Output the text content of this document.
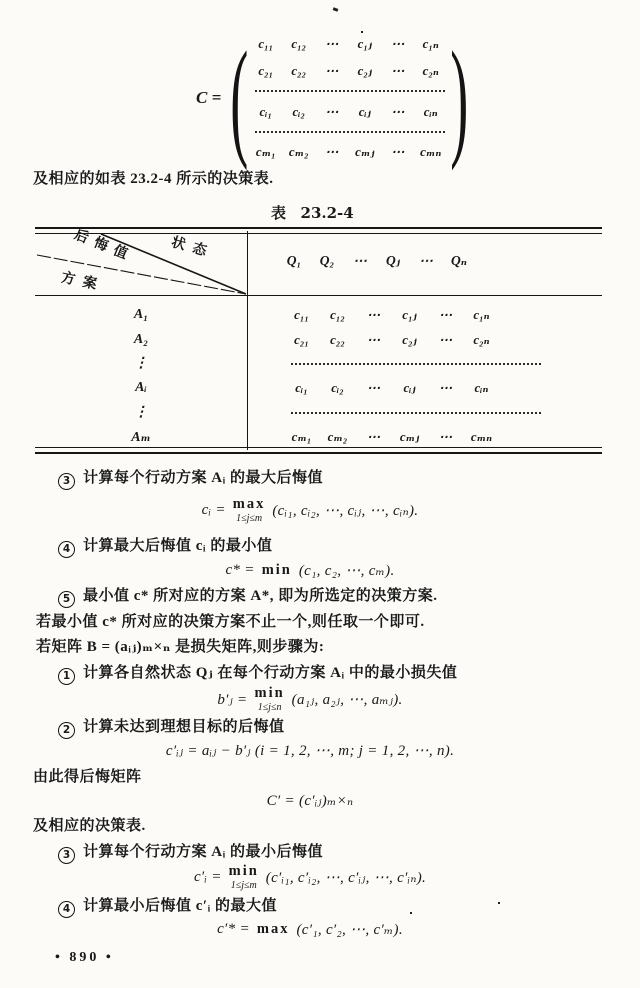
C = ( c₁₁	c₁₂	⋯	c₁ⱼ	⋯	c₁ₙ
c₂₁	c₂₂	⋯	c₂ⱼ	⋯	c₂ₙ
cᵢ₁	cᵢ₂	⋯	cᵢⱼ	⋯	cᵢₙ
cₘ₁ cₘ₂	⋯	cₘⱼ	⋯	cₘₙ )
及相应的如表 23.2-4 所示的决策表.
表 23.2-4
状态
后悔值
方案
Q₁ Q₂	⋯	Qⱼ	⋯	Qₙ
A₁	c₁₁	c₁₂	⋯	c₁ⱼ	⋯	c₁ₙ
A₂	c₂₁	c₂₂	⋯	c₂ⱼ	⋯	c₂ₙ
⋮
Aᵢ	cᵢ₁	cᵢ₂	⋯	cᵢⱼ	⋯	cᵢₙ
⋮
Aₘ	cₘ₁ cₘ₂	⋯	cₘⱼ	⋯	cₘₙ
3 计算每个行动方案 Aᵢ 的最大后悔值
cᵢ = max
1≤j≤m (cᵢ₁, cᵢ₂, ⋯, cᵢⱼ, ⋯, cᵢₙ).
4 计算最大后悔值 cᵢ 的最小值
c* = min (c₁, c₂, ⋯, cₘ).
5 最小值 c* 所对应的方案 A*, 即为所选定的决策方案.
若最小值 c* 所对应的决策方案不止一个,则任取一个即可.
若矩阵 B = (aᵢⱼ)ₘ×ₙ 是损失矩阵,则步骤为:
1 计算各自然状态 Qⱼ 在每个行动方案 Aᵢ 中的最小损失值
b′ⱼ = min
1≤j≤n (a₁ⱼ, a₂ⱼ, ⋯, aₘⱼ).
2 计算未达到理想目标的后悔值
c′ᵢⱼ = aᵢⱼ − b′ⱼ (i = 1, 2, ⋯, m; j = 1, 2, ⋯, n).
由此得后悔矩阵
C′ = (c′ᵢⱼ)ₘ×ₙ
及相应的决策表.
3 计算每个行动方案 Aᵢ 的最小后悔值
c′ᵢ = min
1≤j≤m (c′ᵢ₁, c′ᵢ₂, ⋯, c′ᵢⱼ, ⋯, c′ᵢₙ).
4 计算最小后悔值 c′ᵢ 的最大值
c′* = max (c′₁, c′₂, ⋯, c′ₘ).
• 890 •
